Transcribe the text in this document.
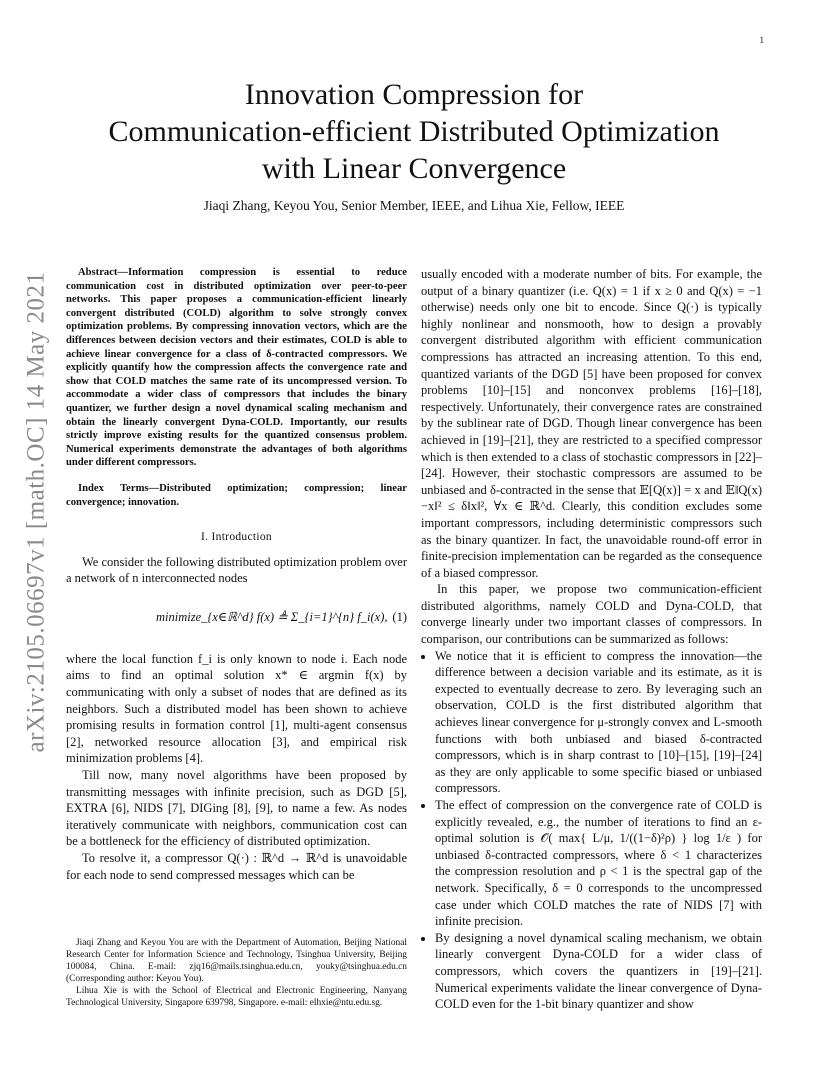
1
arXiv:2105.06697v1 [math.OC] 14 May 2021
Innovation Compression for
Communication-efficient Distributed Optimization
with Linear Convergence
Jiaqi Zhang, Keyou You, Senior Member, IEEE, and Lihua Xie, Fellow, IEEE

Abstract—Information compression is essential to reduce communication cost in distributed optimization over peer-to-peer networks. This paper proposes a communication-efficient linearly convergent distributed (COLD) algorithm to solve strongly convex optimization problems. By compressing innovation vectors, which are the differences between decision vectors and their estimates, COLD is able to achieve linear convergence for a class of δ-contracted compressors. We explicitly quantify how the compression affects the convergence rate and show that COLD matches the same rate of its uncompressed version. To accommodate a wider class of compressors that includes the binary quantizer, we further design a novel dynamical scaling mechanism and obtain the linearly convergent Dyna-COLD. Importantly, our results strictly improve existing results for the quantized consensus problem. Numerical experiments demonstrate the advantages of both algorithms under different compressors.

Index Terms—Distributed optimization; compression; linear convergence; innovation.

I. Introduction

We consider the following distributed optimization problem over a network of n interconnected nodes

minimize_{x∈ℝ^d} f(x) ≜ Σ_{i=1}^{n} f_i(x), (1)

where the local function f_i is only known to node i. Each node aims to find an optimal solution x* ∈ argmin f(x) by communicating with only a subset of nodes that are defined as its neighbors. Such a distributed model has been shown to achieve promising results in formation control [1], multi-agent consensus [2], networked resource allocation [3], and empirical risk minimization problems [4].

Till now, many novel algorithms have been proposed by transmitting messages with infinite precision, such as DGD [5], EXTRA [6], NIDS [7], DIGing [8], [9], to name a few. As nodes iteratively communicate with neighbors, communication cost can be a bottleneck for the efficiency of distributed optimization.

To resolve it, a compressor Q(·) : ℝ^d → ℝ^d is unavoidable for each node to send compressed messages which can be

Jiaqi Zhang and Keyou You are with the Department of Automation, Beijing National Research Center for Information Science and Technology, Tsinghua University, Beijing 100084, China. E-mail: zjq16@mails.tsinghua.edu.cn, youky@tsinghua.edu.cn (Corresponding author: Keyou You).

Lihua Xie is with the School of Electrical and Electronic Engineering, Nanyang Technological University, Singapore 639798, Singapore. e-mail: elhxie@ntu.edu.sg.

usually encoded with a moderate number of bits. For example, the output of a binary quantizer (i.e. Q(x) = 1 if x ≥ 0 and Q(x) = −1 otherwise) needs only one bit to encode. Since Q(·) is typically highly nonlinear and nonsmooth, how to design a provably convergent distributed algorithm with efficient communication compressions has attracted an increasing attention. To this end, quantized variants of the DGD [5] have been proposed for convex problems [10]–[15] and nonconvex problems [16]–[18], respectively. Unfortunately, their convergence rates are constrained by the sublinear rate of DGD. Though linear convergence has been achieved in [19]–[21], they are restricted to a specified compressor which is then extended to a class of stochastic compressors in [22]–[24]. However, their stochastic compressors are assumed to be unbiased and δ-contracted in the sense that 𝔼[Q(x)] = x and 𝔼‖Q(x)−x‖² ≤ δ‖x‖², ∀x ∈ ℝ^d. Clearly, this condition excludes some important compressors, including deterministic compressors such as the binary quantizer. In fact, the unavoidable round-off error in finite-precision implementation can be regarded as the consequence of a biased compressor.

In this paper, we propose two communication-efficient distributed algorithms, namely COLD and Dyna-COLD, that converge linearly under two important classes of compressors. In comparison, our contributions can be summarized as follows:

• We notice that it is efficient to compress the innovation—the difference between a decision variable and its estimate, as it is expected to eventually decrease to zero. By leveraging such an observation, COLD is the first distributed algorithm that achieves linear convergence for μ-strongly convex and L-smooth functions with both unbiased and biased δ-contracted compressors, which is in sharp contrast to [10]–[15], [19]–[24] as they are only applicable to some specific biased or unbiased compressors.
• The effect of compression on the convergence rate of COLD is explicitly revealed, e.g., the number of iterations to find an ε-optimal solution is 𝒪( max{ L/μ, 1/((1−δ)²ρ) } log 1/ε ) for unbiased δ-contracted compressors, where δ < 1 characterizes the compression resolution and ρ < 1 is the spectral gap of the network. Specifically, δ = 0 corresponds to the uncompressed case under which COLD matches the rate of NIDS [7] with infinite precision.
• By designing a novel dynamical scaling mechanism, we obtain linearly convergent Dyna-COLD for a wider class of compressors, which covers the quantizers in [19]–[21]. Numerical experiments validate the linear convergence of Dyna-COLD even for the 1-bit binary quantizer and show
